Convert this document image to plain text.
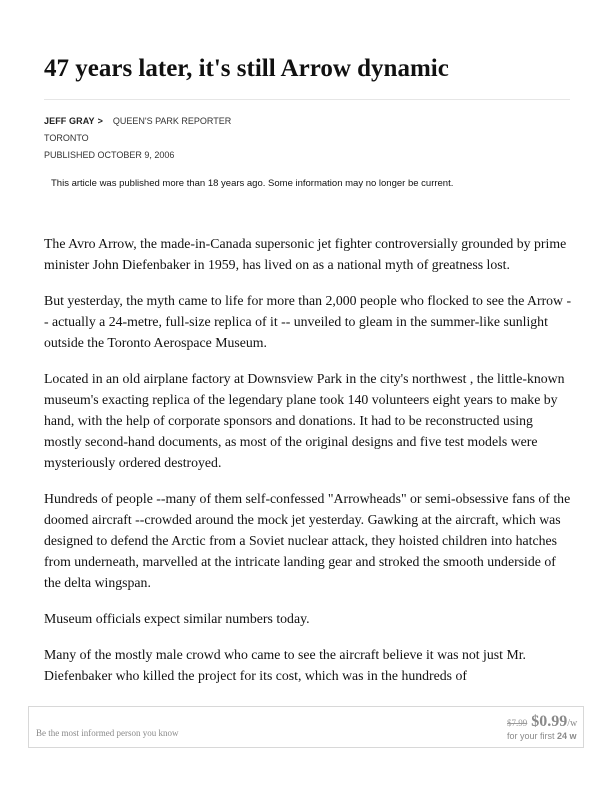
47 years later, it's still Arrow dynamic
JEFF GRAY > QUEEN'S PARK REPORTER
TORONTO
PUBLISHED OCTOBER 9, 2006
This article was published more than 18 years ago. Some information may no longer be current.

The Avro Arrow, the made-in-Canada supersonic jet fighter controversially grounded by prime minister John Diefenbaker in 1959, has lived on as a national myth of greatness lost.

But yesterday, the myth came to life for more than 2,000 people who flocked to see the Arrow -- actually a 24-metre, full-size replica of it -- unveiled to gleam in the summer-like sunlight outside the Toronto Aerospace Museum.

Located in an old airplane factory at Downsview Park in the city's northwest , the little-known museum's exacting replica of the legendary plane took 140 volunteers eight years to make by hand, with the help of corporate sponsors and donations. It had to be reconstructed using mostly second-hand documents, as most of the original designs and five test models were mysteriously ordered destroyed.

Hundreds of people --many of them self-confessed "Arrowheads" or semi-obsessive fans of the doomed aircraft --crowded around the mock jet yesterday. Gawking at the aircraft, which was designed to defend the Arctic from a Soviet nuclear attack, they hoisted children into hatches from underneath, marvelled at the intricate landing gear and stroked the smooth underside of the delta wingspan.

Museum officials expect similar numbers today.

Many of the mostly male crowd who came to see the aircraft believe it was not just Mr. Diefenbaker who killed the project for its cost, which was in the hundreds of

Be the most informed person you know
$7.99 $0.99/w
for your first 24 w
